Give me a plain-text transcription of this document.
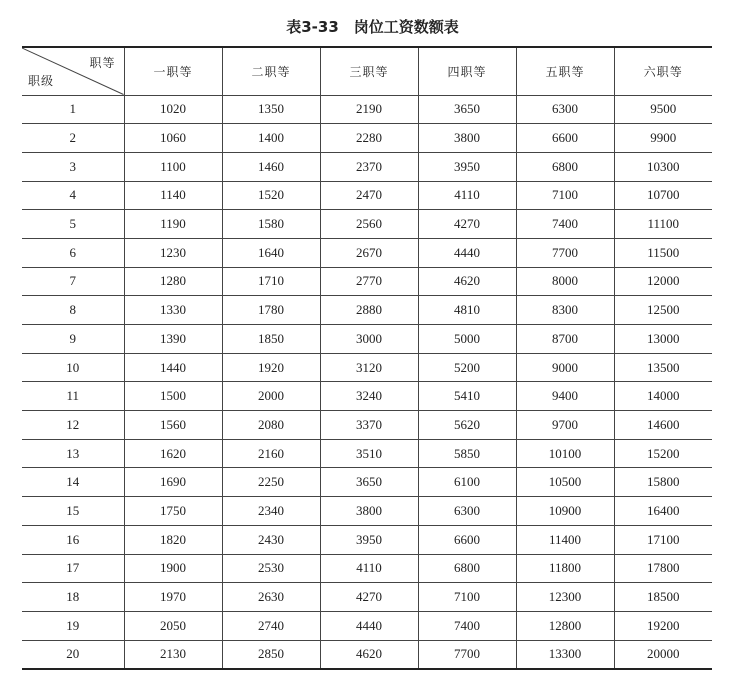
表3-33　岗位工资数额表
职等
职级	一职等	二职等	三职等	四职等	五职等	六职等
1	1020	1350	2190	3650	6300	9500
2	1060	1400	2280	3800	6600	9900
3	1100	1460	2370	3950	6800	10300
4	1140	1520	2470	4110	7100	10700
5	1190	1580	2560	4270	7400	11100
6	1230	1640	2670	4440	7700	11500
7	1280	1710	2770	4620	8000	12000
8	1330	1780	2880	4810	8300	12500
9	1390	1850	3000	5000	8700	13000
10	1440	1920	3120	5200	9000	13500
11	1500	2000	3240	5410	9400	14000
12	1560	2080	3370	5620	9700	14600
13	1620	2160	3510	5850	10100	15200
14	1690	2250	3650	6100	10500	15800
15	1750	2340	3800	6300	10900	16400
16	1820	2430	3950	6600	11400	17100
17	1900	2530	4110	6800	11800	17800
18	1970	2630	4270	7100	12300	18500
19	2050	2740	4440	7400	12800	19200
20	2130	2850	4620	7700	13300	20000
